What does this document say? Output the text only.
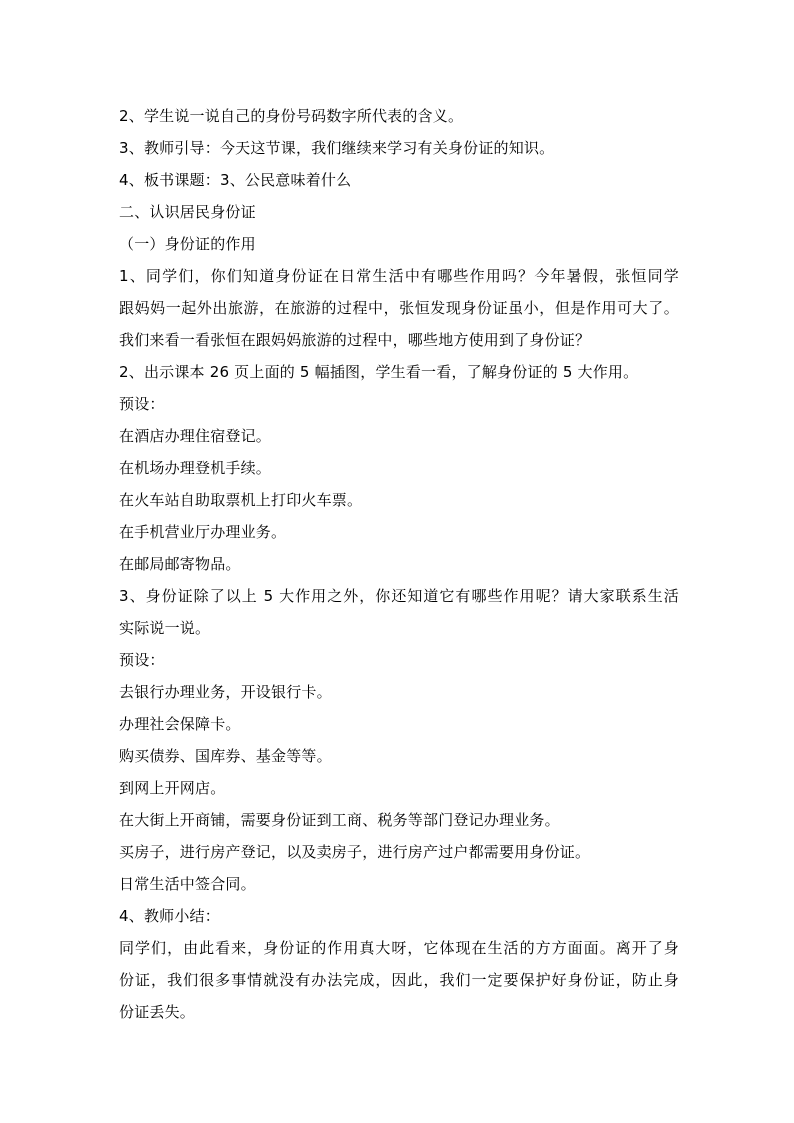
2、学生说一说自己的身份号码数字所代表的含义。
3、教师引导：今天这节课，我们继续来学习有关身份证的知识。
4、板书课题：3、公民意味着什么
二、认识居民身份证
（一）身份证的作用
1、同学们，你们知道身份证在日常生活中有哪些作用吗？今年暑假，张恒同学
跟妈妈一起外出旅游，在旅游的过程中，张恒发现身份证虽小，但是作用可大了。
我们来看一看张恒在跟妈妈旅游的过程中，哪些地方使用到了身份证？
2、出示课本 26 页上面的 5 幅插图，学生看一看，了解身份证的 5 大作用。
预设：
在酒店办理住宿登记。
在机场办理登机手续。
在火车站自助取票机上打印火车票。
在手机营业厅办理业务。
在邮局邮寄物品。
3、身份证除了以上 5 大作用之外，你还知道它有哪些作用呢？请大家联系生活
实际说一说。
预设：
去银行办理业务，开设银行卡。
办理社会保障卡。
购买债券、国库券、基金等等。
到网上开网店。
在大街上开商铺，需要身份证到工商、税务等部门登记办理业务。
买房子，进行房产登记，以及卖房子，进行房产过户都需要用身份证。
日常生活中签合同。
4、教师小结：
同学们，由此看来，身份证的作用真大呀，它体现在生活的方方面面。离开了身
份证，我们很多事情就没有办法完成，因此，我们一定要保护好身份证，防止身
份证丢失。
